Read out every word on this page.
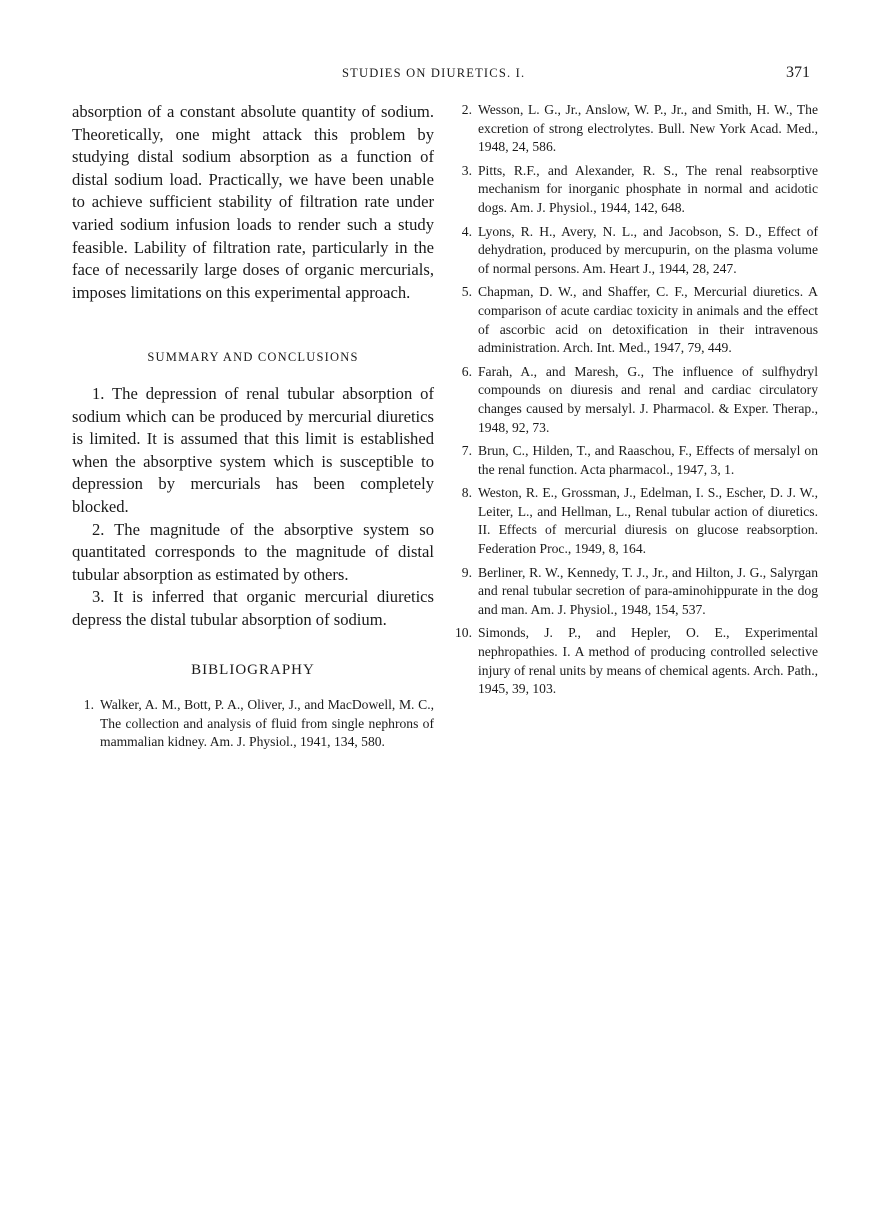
STUDIES ON DIURETICS. I.	371

absorption of a constant absolute quantity of sodium. Theoretically, one might attack this problem by studying distal sodium absorption as a function of distal sodium load. Practically, we have been unable to achieve sufficient stability of filtration rate under varied sodium infusion loads to render such a study feasible. Lability of filtration rate, particularly in the face of necessarily large doses of organic mercurials, imposes limitations on this experimental approach.

SUMMARY AND CONCLUSIONS

1. The depression of renal tubular absorption of sodium which can be produced by mercurial diuretics is limited. It is assumed that this limit is established when the absorptive system which is susceptible to depression by mercurials has been completely blocked.

2. The magnitude of the absorptive system so quantitated corresponds to the magnitude of distal tubular absorption as estimated by others.

3. It is inferred that organic mercurial diuretics depress the distal tubular absorption of sodium.

BIBLIOGRAPHY
1. Walker, A. M., Bott, P. A., Oliver, J., and MacDowell, M. C., The collection and analysis of fluid from single nephrons of mammalian kidney. Am. J. Physiol., 1941, 134, 580.
2. Wesson, L. G., Jr., Anslow, W. P., Jr., and Smith, H. W., The excretion of strong electrolytes. Bull. New York Acad. Med., 1948, 24, 586.
3. Pitts, R.F., and Alexander, R. S., The renal reabsorptive mechanism for inorganic phosphate in normal and acidotic dogs. Am. J. Physiol., 1944, 142, 648.
4. Lyons, R. H., Avery, N. L., and Jacobson, S. D., Effect of dehydration, produced by mercupurin, on the plasma volume of normal persons. Am. Heart J., 1944, 28, 247.
5. Chapman, D. W., and Shaffer, C. F., Mercurial diuretics. A comparison of acute cardiac toxicity in animals and the effect of ascorbic acid on detoxification in their intravenous administration. Arch. Int. Med., 1947, 79, 449.
6. Farah, A., and Maresh, G., The influence of sulfhydryl compounds on diuresis and renal and cardiac circulatory changes caused by mersalyl. J. Pharmacol. & Exper. Therap., 1948, 92, 73.
7. Brun, C., Hilden, T., and Raaschou, F., Effects of mersalyl on the renal function. Acta pharmacol., 1947, 3, 1.
8. Weston, R. E., Grossman, J., Edelman, I. S., Escher, D. J. W., Leiter, L., and Hellman, L., Renal tubular action of diuretics. II. Effects of mercurial diuresis on glucose reabsorption. Federation Proc., 1949, 8, 164.
9. Berliner, R. W., Kennedy, T. J., Jr., and Hilton, J. G., Salyrgan and renal tubular secretion of para-aminohippurate in the dog and man. Am. J. Physiol., 1948, 154, 537.
10. Simonds, J. P., and Hepler, O. E., Experimental nephropathies. I. A method of producing controlled selective injury of renal units by means of chemical agents. Arch. Path., 1945, 39, 103.
